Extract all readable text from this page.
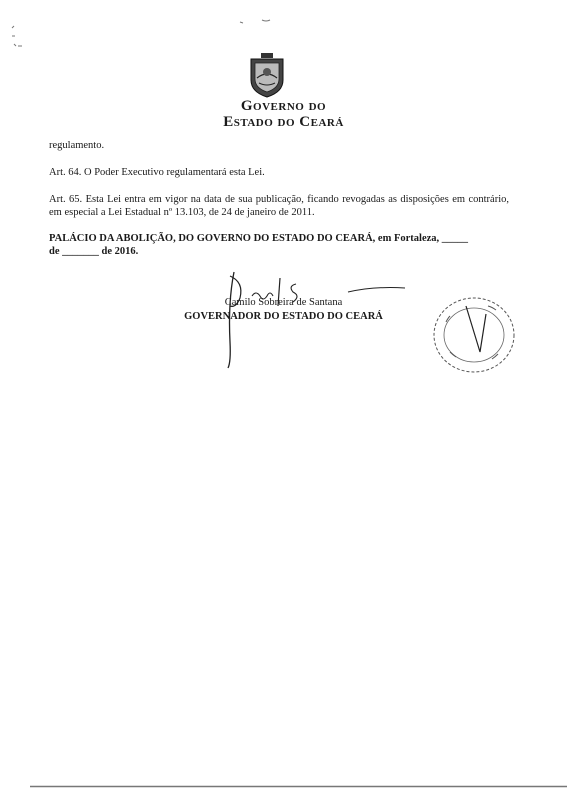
Governo do
Estado do Ceará
regulamento.
Art. 64. O Poder Executivo regulamentará esta Lei.
Art. 65. Esta Lei entra em vigor na data de sua publicação, ficando revogadas as disposições em contrário, em especial a Lei Estadual nº 13.103, de 24 de janeiro de 2011.
PALÁCIO DA ABOLIÇÃO, DO GOVERNO DO ESTADO DO CEARÁ, em Fortaleza, _____
de _______ de 2016.
Camilo Sobreira de Santana
GOVERNADOR DO ESTADO DO CEARÁ
